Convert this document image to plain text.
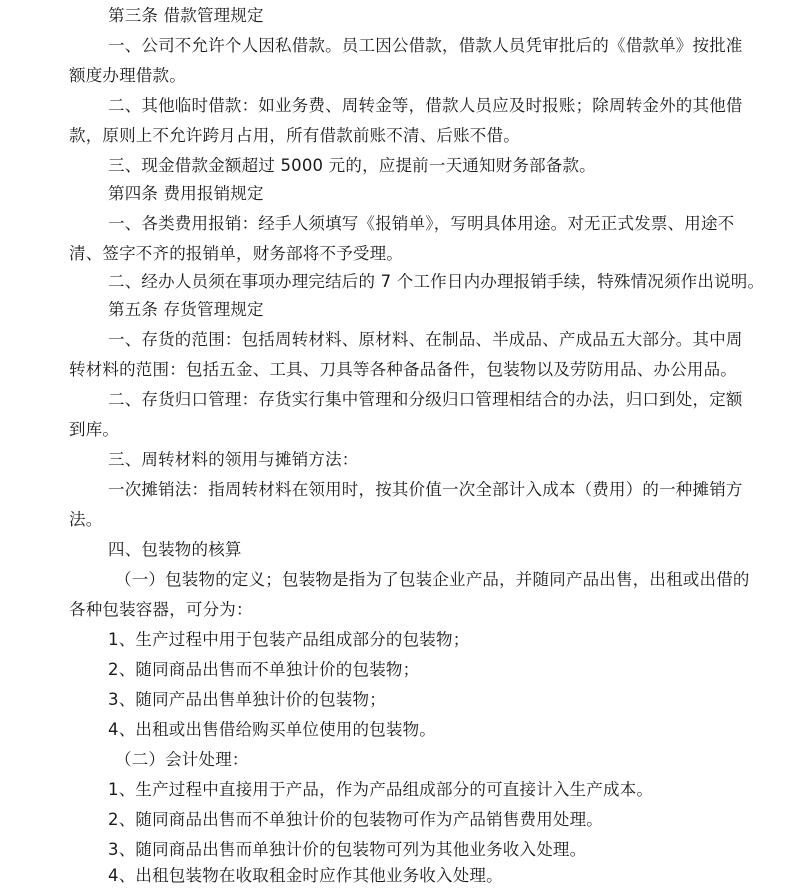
第三条 借款管理规定
一、公司不允许个人因私借款。员工因公借款，借款人员凭审批后的《借款单》按批准
额度办理借款。
二、其他临时借款：如业务费、周转金等，借款人员应及时报账；除周转金外的其他借
款，原则上不允许跨月占用，所有借款前账不清、后账不借。
三、现金借款金额超过 5000 元的，应提前一天通知财务部备款。
第四条 费用报销规定
一、各类费用报销：经手人须填写《报销单》，写明具体用途。对无正式发票、用途不
清、签字不齐的报销单，财务部将不予受理。
二、经办人员须在事项办理完结后的 7 个工作日内办理报销手续，特殊情况须作出说明。
第五条 存货管理规定
一、存货的范围：包括周转材料、原材料、在制品、半成品、产成品五大部分。其中周
转材料的范围：包括五金、工具、刀具等各种备品备件，包装物以及劳防用品、办公用品。
二、存货归口管理：存货实行集中管理和分级归口管理相结合的办法，归口到处，定额
到库。
三、周转材料的领用与摊销方法：
一次摊销法：指周转材料在领用时，按其价值一次全部计入成本（费用）的一种摊销方
法。
四、包装物的核算
（一）包装物的定义；包装物是指为了包装企业产品，并随同产品出售，出租或出借的
各种包装容器，可分为：
1、生产过程中用于包装产品组成部分的包装物；
2、随同商品出售而不单独计价的包装物；
3、随同产品出售单独计价的包装物；
4、出租或出售借给购买单位使用的包装物。
（二）会计处理：
1、生产过程中直接用于产品，作为产品组成部分的可直接计入生产成本。
2、随同商品出售而不单独计价的包装物可作为产品销售费用处理。
3、随同商品出售而单独计价的包装物可列为其他业务收入处理。
4、出租包装物在收取租金时应作其他业务收入处理。
